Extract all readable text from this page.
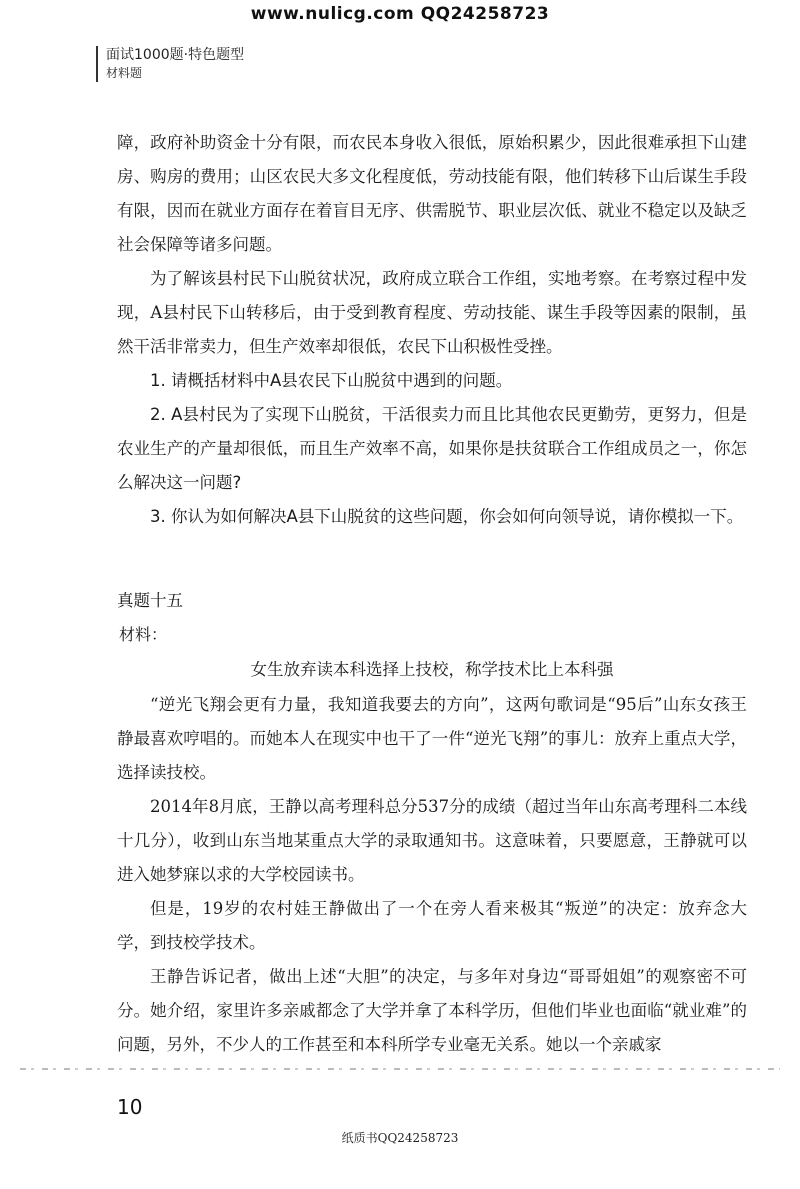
www.nulicg.com QQ24258723
面试1000题·特色题型
材料题

障，政府补助资金十分有限，而农民本身收入很低，原始积累少，因此很难承担下山建房、购房的费用；山区农民大多文化程度低，劳动技能有限，他们转移下山后谋生手段有限，因而在就业方面存在着盲目无序、供需脱节、职业层次低、就业不稳定以及缺乏社会保障等诸多问题。

为了解该县村民下山脱贫状况，政府成立联合工作组，实地考察。在考察过程中发现，A县村民下山转移后，由于受到教育程度、劳动技能、谋生手段等因素的限制，虽然干活非常卖力，但生产效率却很低，农民下山积极性受挫。

1. 请概括材料中A县农民下山脱贫中遇到的问题。

2. A县村民为了实现下山脱贫，干活很卖力而且比其他农民更勤劳，更努力，但是农业生产的产量却很低，而且生产效率不高，如果你是扶贫联合工作组成员之一，你怎么解决这一问题?

3. 你认为如何解决A县下山脱贫的这些问题，你会如何向领导说，请你模拟一下。

真题十五

材料：

女生放弃读本科选择上技校，称学技术比上本科强

“逆光飞翔会更有力量，我知道我要去的方向”，这两句歌词是“95后”山东女孩王静最喜欢哼唱的。而她本人在现实中也干了一件“逆光飞翔”的事儿：放弃上重点大学，选择读技校。

2014年8月底，王静以高考理科总分537分的成绩（超过当年山东高考理科二本线十几分），收到山东当地某重点大学的录取通知书。这意味着，只要愿意，王静就可以进入她梦寐以求的大学校园读书。

但是，19岁的农村娃王静做出了一个在旁人看来极其“叛逆”的决定：放弃念大学，到技校学技术。

王静告诉记者，做出上述“大胆”的决定，与多年对身边“哥哥姐姐”的观察密不可分。她介绍，家里许多亲戚都念了大学并拿了本科学历，但他们毕业也面临“就业难”的问题，另外，不少人的工作甚至和本科所学专业毫无关系。她以一个亲戚家

10
纸质书QQ24258723
